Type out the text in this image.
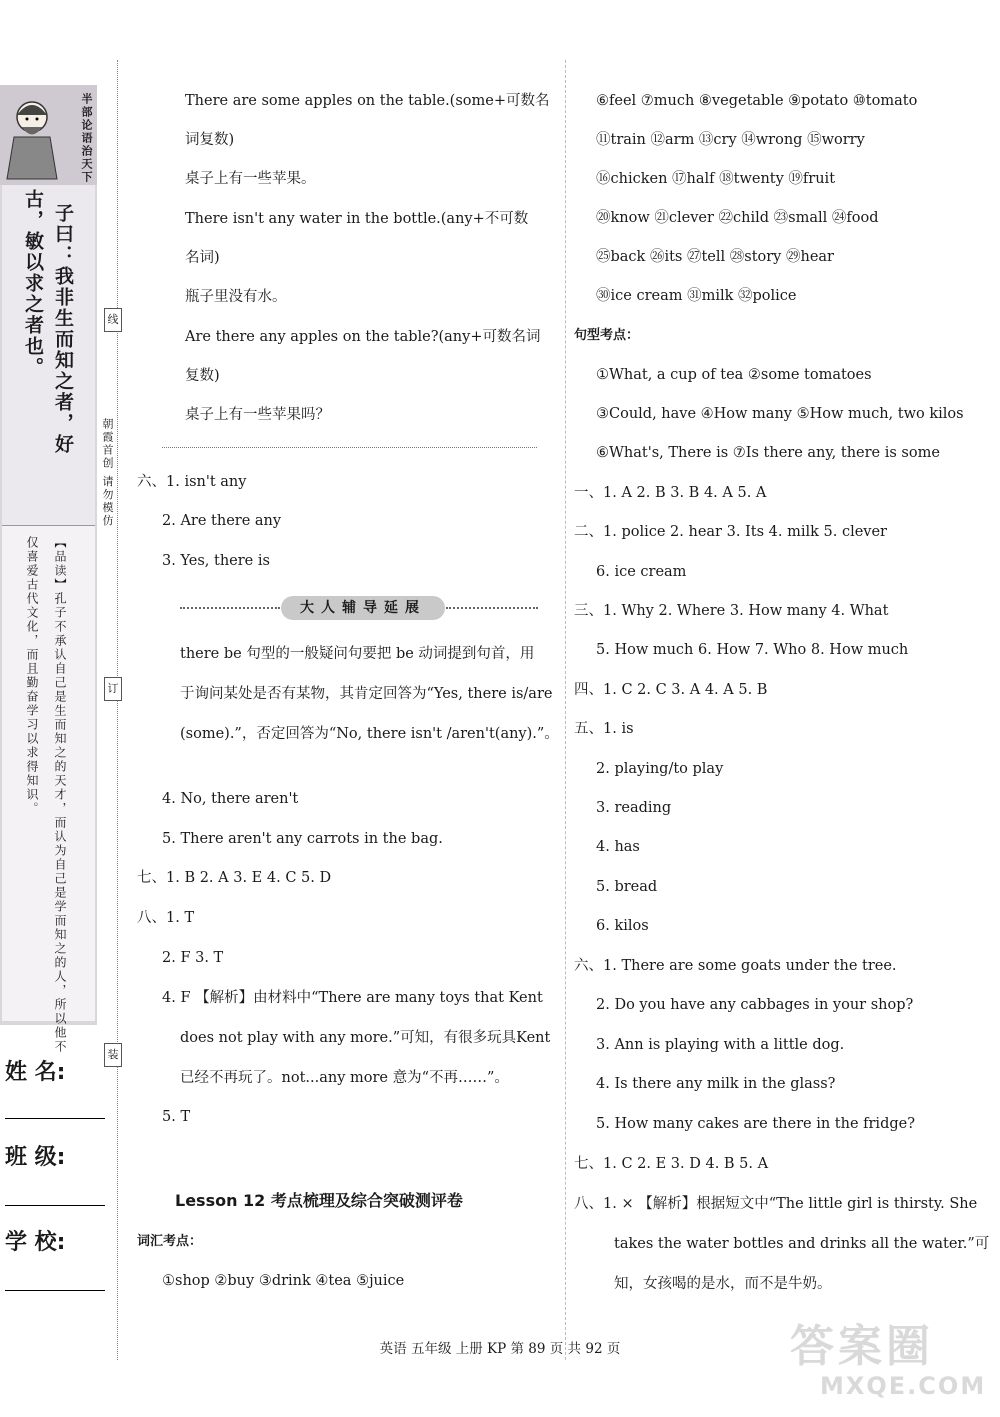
半部论语治天下
子曰：我非生而知之者，好
古，敏以求之者也。
【品读】孔子不承认自己是生而知之的天才，而认为自己是学而知之的人，所以他不
仅喜爱古代文化，而且勤奋学习以求得知识。
姓 名:
班 级:
学 校:
线
订
装
朝霞首创 请勿模仿
There are some apples on the table.(some+可数名
词复数)
桌子上有一些苹果。
There isn't any water in the bottle.(any+不可数
名词)
瓶子里没有水。
Are there any apples on the table?(any+可数名词
复数)
桌子上有一些苹果吗？
六、1. isn't any
2. Are there any
3. Yes, there is
大人辅导延展
there be 句型的一般疑问句要把 be 动词提到句首，用
于询问某处是否有某物，其肯定回答为“Yes, there is/are
(some).”，否定回答为“No, there isn't /aren't(any).”。
4. No, there aren't
5. There aren't any carrots in the bag.
七、1. B 2. A 3. E 4. C 5. D
八、1. T
2. F 3. T
4. F 【解析】由材料中“There are many toys that Kent
does not play with any more.”可知，有很多玩具Kent
已经不再玩了。not...any more 意为“不再……”。
5. T
Lesson 12 考点梳理及综合突破测评卷
词汇考点：
①shop ②buy ③drink ④tea ⑤juice
⑥feel ⑦much ⑧vegetable ⑨potato ⑩tomato
⑪train ⑫arm ⑬cry ⑭wrong ⑮worry
⑯chicken ⑰half ⑱twenty ⑲fruit
⑳know ㉑clever ㉒child ㉓small ㉔food
㉕back ㉖its ㉗tell ㉘story ㉙hear
㉚ice cream ㉛milk ㉜police
句型考点：
①What, a cup of tea ②some tomatoes
③Could, have ④How many ⑤How much, two kilos
⑥What's, There is ⑦Is there any, there is some
一、1. A 2. B 3. B 4. A 5. A
二、1. police 2. hear 3. Its 4. milk 5. clever
6. ice cream
三、1. Why 2. Where 3. How many 4. What
5. How much 6. How 7. Who 8. How much
四、1. C 2. C 3. A 4. A 5. B
五、1. is
2. playing/to play
3. reading
4. has
5. bread
6. kilos
六、1. There are some goats under the tree.
2. Do you have any cabbages in your shop?
3. Ann is playing with a little dog.
4. Is there any milk in the glass?
5. How many cakes are there in the fridge?
七、1. C 2. E 3. D 4. B 5. A
八、1. × 【解析】根据短文中“The little girl is thirsty. She
takes the water bottles and drinks all the water.”可
知，女孩喝的是水，而不是牛奶。
英语 五年级 上册 KP 第 89 页 共 92 页	答案圈
MXQE.COM
